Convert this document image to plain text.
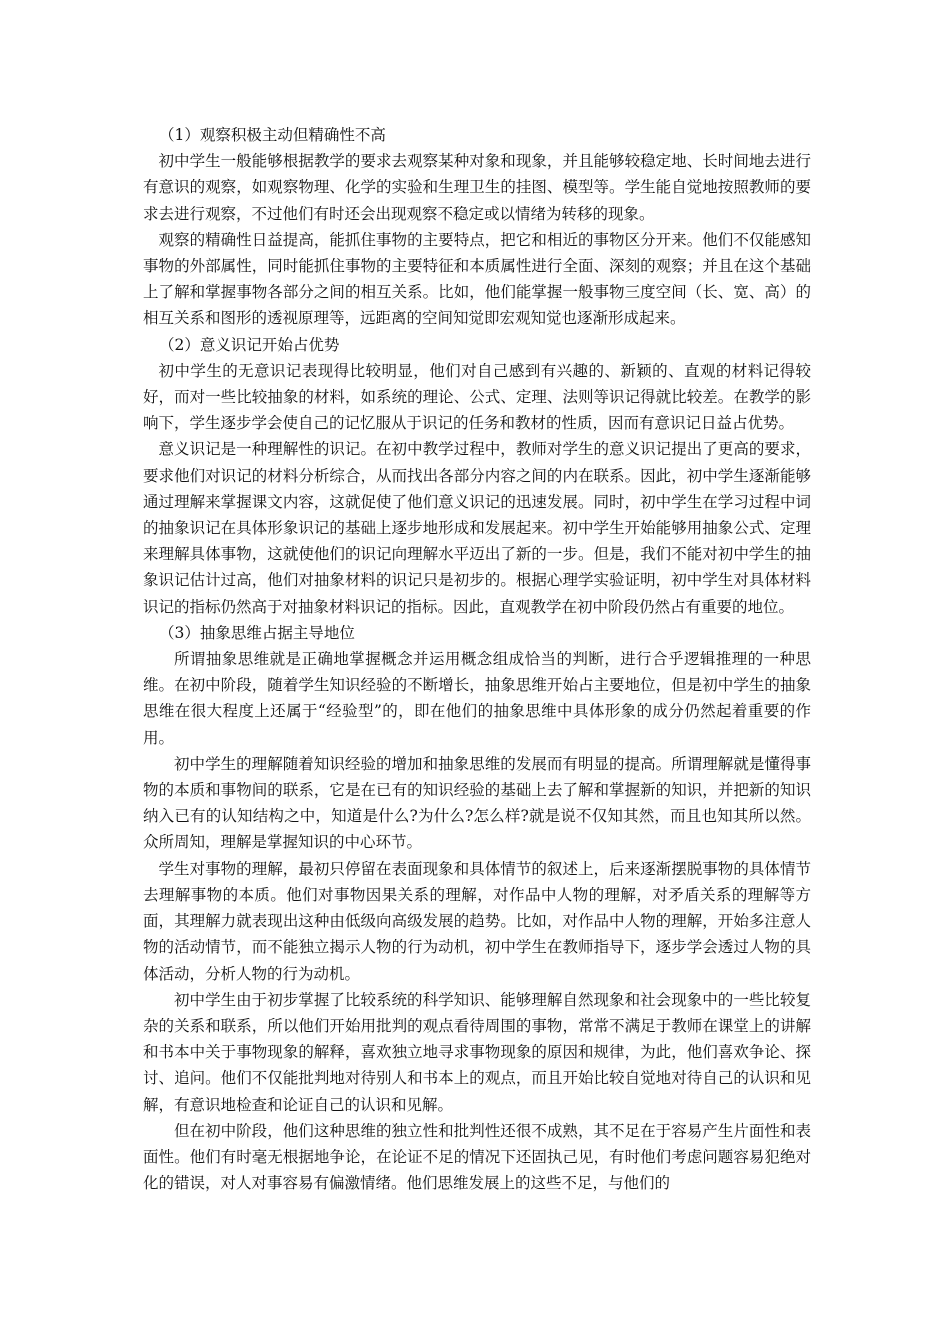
（1）观察积极主动但精确性不高

初中学生一般能够根据教学的要求去观察某种对象和现象，并且能够较稳定地、长时间地去进行有意识的观察，如观察物理、化学的实验和生理卫生的挂图、模型等。学生能自觉地按照教师的要求去进行观察，不过他们有时还会出现观察不稳定或以情绪为转移的现象。

观察的精确性日益提高，能抓住事物的主要特点，把它和相近的事物区分开来。他们不仅能感知事物的外部属性，同时能抓住事物的主要特征和本质属性进行全面、深刻的观察；并且在这个基础上了解和掌握事物各部分之间的相互关系。比如，他们能掌握一般事物三度空间（长、宽、高）的相互关系和图形的透视原理等，远距离的空间知觉即宏观知觉也逐渐形成起来。

（2）意义识记开始占优势

初中学生的无意识记表现得比较明显，他们对自己感到有兴趣的、新颖的、直观的材料记得较好，而对一些比较抽象的材料，如系统的理论、公式、定理、法则等识记得就比较差。在教学的影响下，学生逐步学会使自己的记忆服从于识记的任务和教材的性质，因而有意识记日益占优势。

意义识记是一种理解性的识记。在初中教学过程中，教师对学生的意义识记提出了更高的要求，要求他们对识记的材料分析综合，从而找出各部分内容之间的内在联系。因此，初中学生逐渐能够通过理解来掌握课文内容，这就促使了他们意义识记的迅速发展。同时，初中学生在学习过程中词的抽象识记在具体形象识记的基础上逐步地形成和发展起来。初中学生开始能够用抽象公式、定理来理解具体事物，这就使他们的识记向理解水平迈出了新的一步。但是，我们不能对初中学生的抽象识记估计过高，他们对抽象材料的识记只是初步的。根据心理学实验证明，初中学生对具体材料识记的指标仍然高于对抽象材料识记的指标。因此，直观教学在初中阶段仍然占有重要的地位。

（3）抽象思维占据主导地位

所谓抽象思维就是正确地掌握概念并运用概念组成恰当的判断，进行合乎逻辑推理的一种思维。在初中阶段，随着学生知识经验的不断增长，抽象思维开始占主要地位，但是初中学生的抽象思维在很大程度上还属于“经验型”的，即在他们的抽象思维中具体形象的成分仍然起着重要的作用。

初中学生的理解随着知识经验的增加和抽象思维的发展而有明显的提高。所谓理解就是懂得事物的本质和事物间的联系，它是在已有的知识经验的基础上去了解和掌握新的知识，并把新的知识纳入已有的认知结构之中，知道是什么?为什么?怎么样?就是说不仅知其然，而且也知其所以然。众所周知，理解是掌握知识的中心环节。

学生对事物的理解，最初只停留在表面现象和具体情节的叙述上，后来逐渐摆脱事物的具体情节去理解事物的本质。他们对事物因果关系的理解，对作品中人物的理解，对矛盾关系的理解等方面，其理解力就表现出这种由低级向高级发展的趋势。比如，对作品中人物的理解，开始多注意人物的活动情节，而不能独立揭示人物的行为动机，初中学生在教师指导下，逐步学会透过人物的具体活动，分析人物的行为动机。

初中学生由于初步掌握了比较系统的科学知识、能够理解自然现象和社会现象中的一些比较复杂的关系和联系，所以他们开始用批判的观点看待周围的事物，常常不满足于教师在课堂上的讲解和书本中关于事物现象的解释，喜欢独立地寻求事物现象的原因和规律，为此，他们喜欢争论、探讨、追问。他们不仅能批判地对待别人和书本上的观点，而且开始比较自觉地对待自己的认识和见解，有意识地检查和论证自己的认识和见解。

但在初中阶段，他们这种思维的独立性和批判性还很不成熟，其不足在于容易产生片面性和表面性。他们有时毫无根据地争论，在论证不足的情况下还固执己见，有时他们考虑问题容易犯绝对化的错误，对人对事容易有偏激情绪。他们思维发展上的这些不足，与他们的
